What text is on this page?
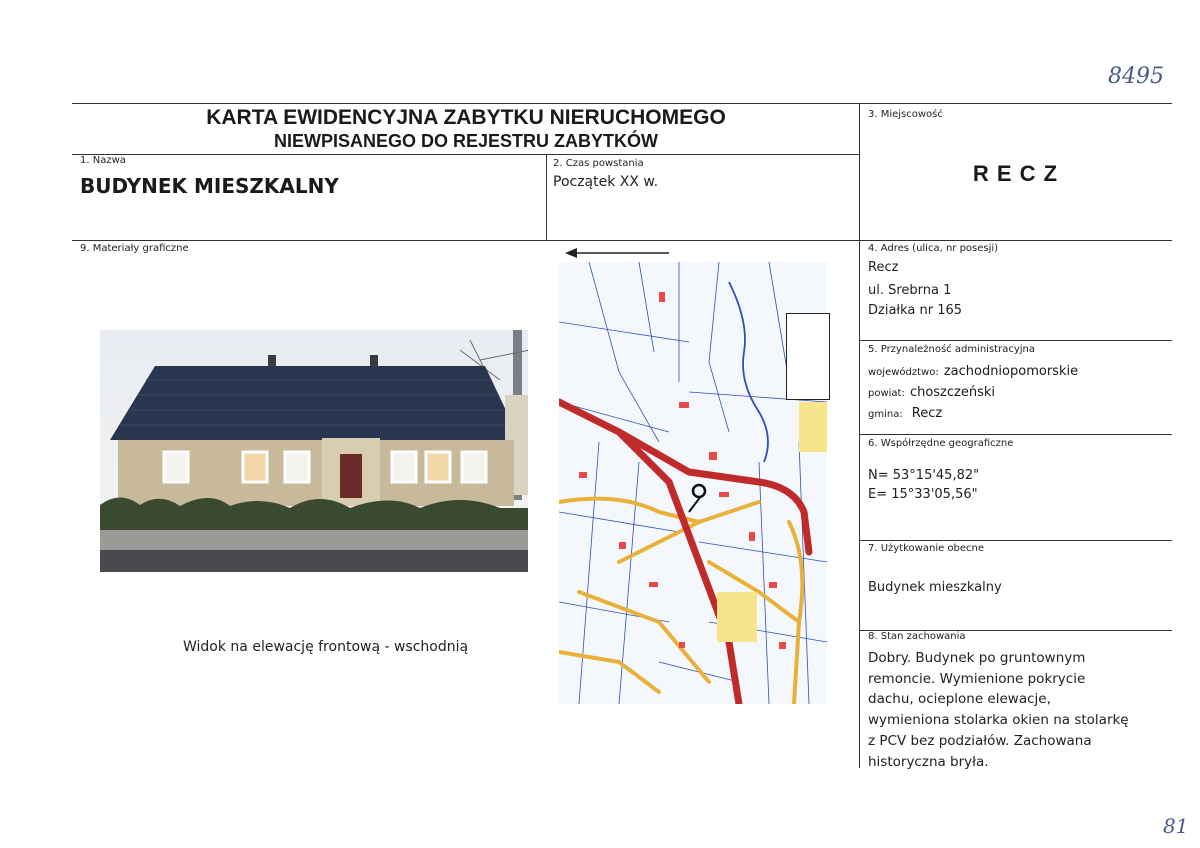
8495
81
KARTA EWIDENCYJNA ZABYTKU NIERUCHOMEGO
NIEWPISANEGO DO REJESTRU ZABYTKÓW
1. Nazwa
BUDYNEK MIESZKALNY
2. Czas powstania
Początek XX w.
3. Miejscowość
R E C Z
9. Materiały graficzne
Widok na elewację frontową - wschodnią
4. Adres (ulica, nr posesji)
Recz
ul. Srebrna 1
Działka nr 165
5. Przynależność administracyjna
województwo: zachodniopomorskie
powiat: choszczeński
gmina: Recz
6. Współrzędne geograficzne
N= 53°15'45,82"
E= 15°33'05,56"
7. Użytkowanie obecne
Budynek mieszkalny
8. Stan zachowania
Dobry. Budynek po gruntownym
remoncie. Wymienione pokrycie
dachu, ocieplone elewacje,
wymieniona stolarka okien na stolarkę
z PCV bez podziałów. Zachowana
historyczna bryła.
